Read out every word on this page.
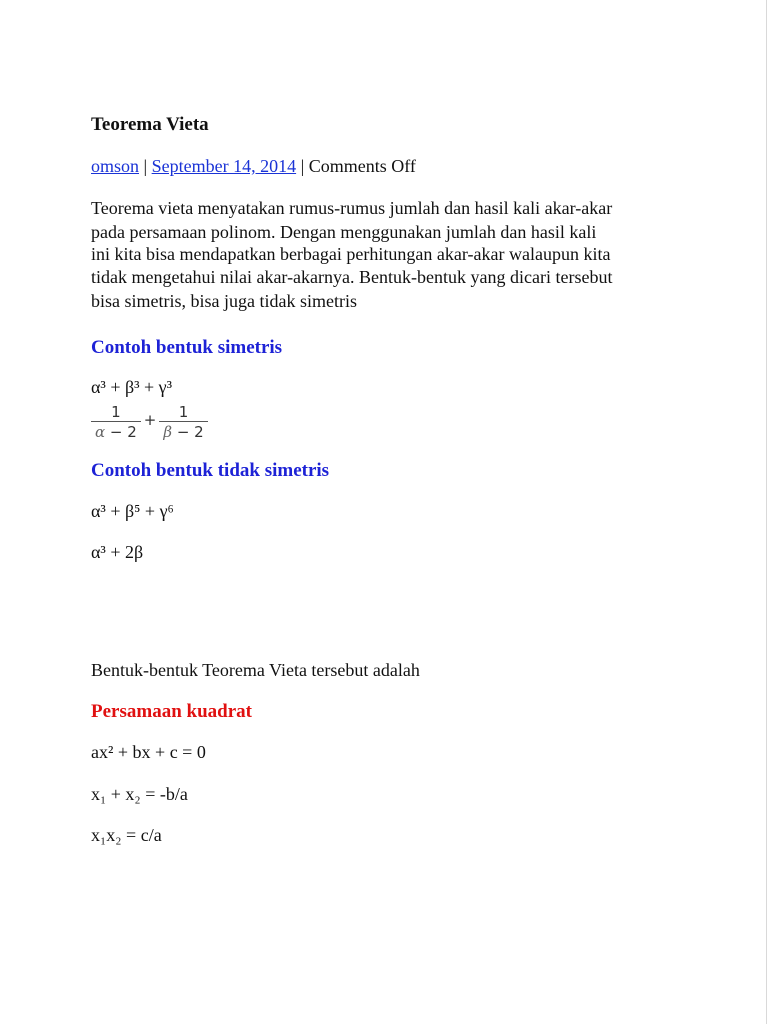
Teorema Vieta
omson | September 14, 2014 | Comments Off
Teorema vieta menyatakan rumus-rumus jumlah dan hasil kali akar-akar
pada persamaan polinom. Dengan menggunakan jumlah dan hasil kali
ini kita bisa mendapatkan berbagai perhitungan akar-akar walaupun kita
tidak mengetahui nilai akar-akarnya. Bentuk-bentuk yang dicari tersebut
bisa simetris, bisa juga tidak simetris
Contoh bentuk simetris
α³ + β³ + γ³
$\frac{1}{\alpha - 2} + \frac{1}{\beta - 2}$
Contoh bentuk tidak simetris
α³ + β⁵ + γ⁶
α³ + 2β
Bentuk-bentuk Teorema Vieta tersebut adalah
Persamaan kuadrat
ax² + bx + c = 0
x₁ + x₂ = -b/a
x₁x₂ = c/a
